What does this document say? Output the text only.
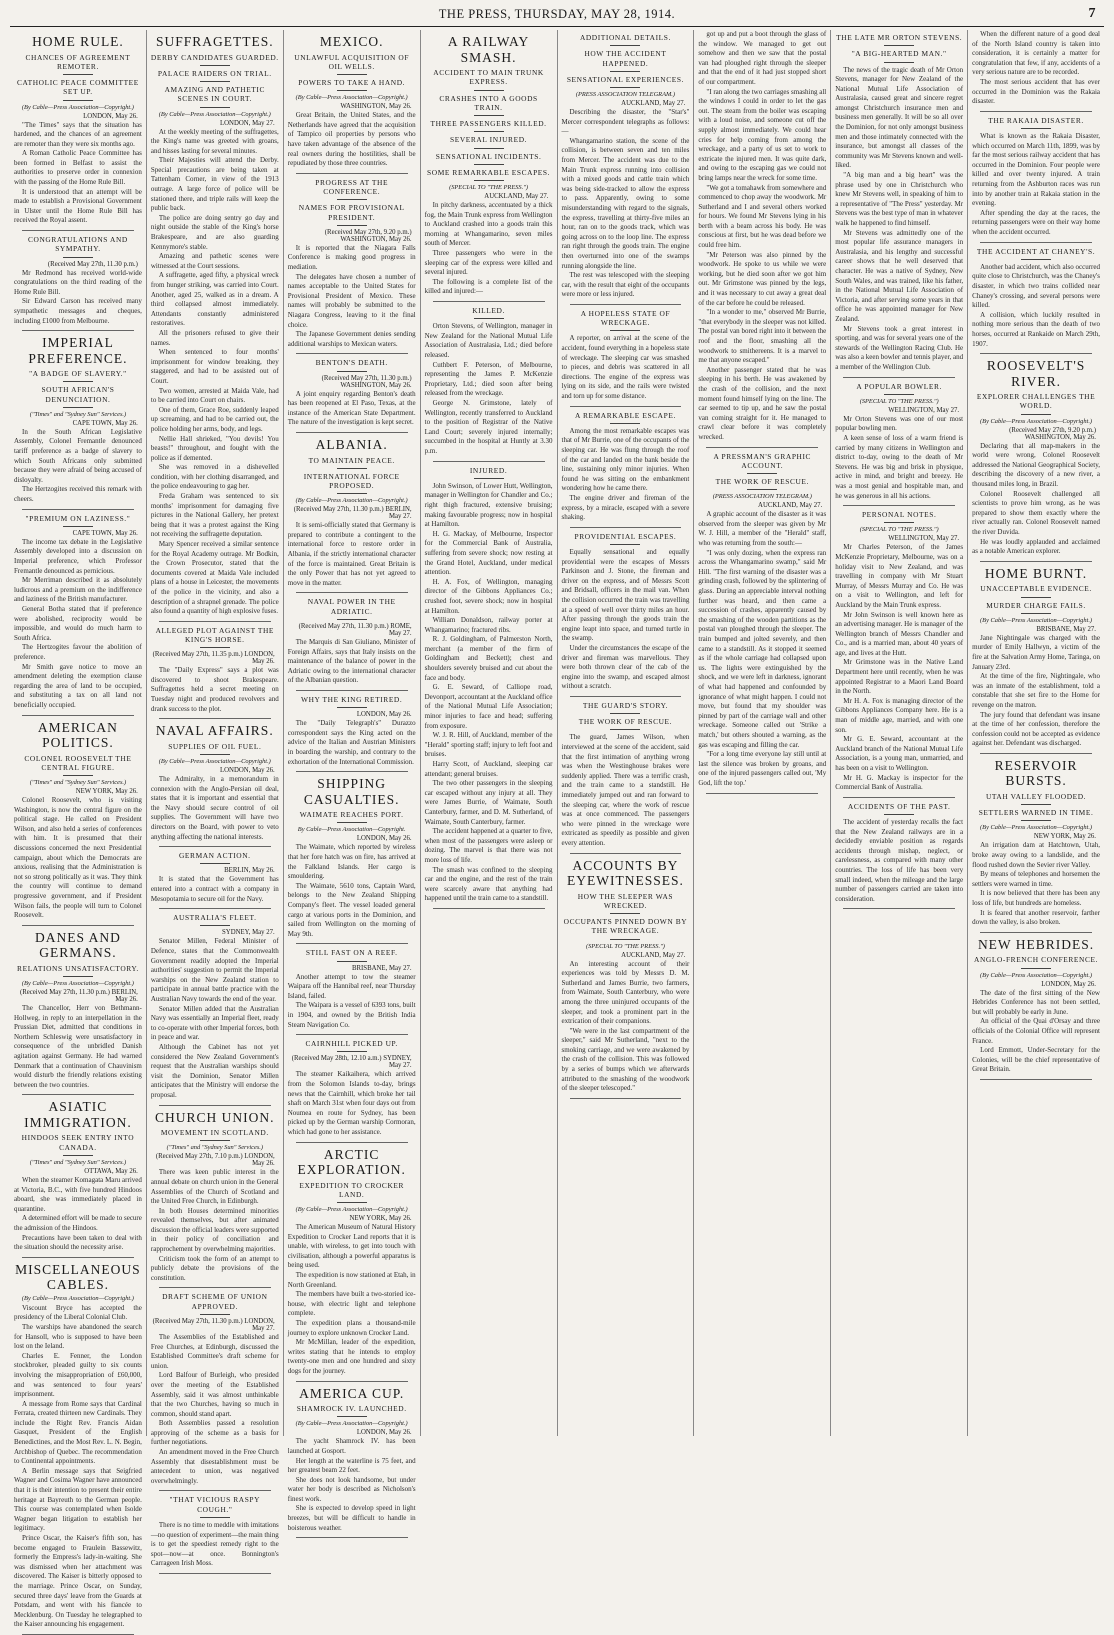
THE PRESS, THURSDAY, MAY 28, 1914.	7
HOME RULE.
CHANCES OF AGREEMENT REMOTER.
CATHOLIC PEACE COMMITTEE SET UP.
(By Cable—Press Association—Copyright.)
LONDON, May 26.
"The Times" says that the situation has hardened, and the chances of an agreement are remoter than they were six months ago.
A Roman Catholic Peace Committee has been formed in Belfast to assist the authorities to preserve order in connexion with the passing of the Home Rule Bill.
It is understood that an attempt will be made to establish a Provisional Government in Ulster until the Home Rule Bill has received the Royal assent.
CONGRATULATIONS AND SYMPATHY.
(Received May 27th, 11.30 p.m.)
Mr Redmond has received world-wide congratulations on the third reading of the Home Rule Bill.
Sir Edward Carson has received many sympathetic messages and cheques, including £1000 from Melbourne.
IMPERIAL PREFERENCE.
"A BADGE OF SLAVERY."
SOUTH AFRICAN'S DENUNCIATION.
("Times" and "Sydney Sun" Services.)
CAPE TOWN, May 26.
In the South African Legislative Assembly, Colonel Fremantle denounced tariff preference as a badge of slavery to which South Africans only submitted because they were afraid of being accused of disloyalty.
The Hertzogites received this remark with cheers.
"PREMIUM ON LAZINESS."
CAPE TOWN, May 26.
The income tax debate in the Legislative Assembly developed into a discussion on Imperial preference, which Professor Fremantle denounced as pernicious.
Mr Merriman described it as absolutely ludicrous and a premium on the indifference and laziness of the British manufacturer.
General Botha stated that if preference were abolished, reciprocity would be impossible, and would do much harm to South Africa.
The Hertzogites favour the abolition of preference.
Mr Smith gave notice to move an amendment deleting the exemption clause regarding the area of land to be occupied, and substituting a tax on all land not beneficially occupied.
AMERICAN POLITICS.
COLONEL ROOSEVELT THE CENTRAL FIGURE.
("Times" and "Sydney Sun" Services.)
NEW YORK, May 26.
Colonel Roosevelt, who is visiting Washington, is now the central figure on the political stage. He called on President Wilson, and also held a series of conferences with him. It is presumed that their discussions concerned the next Presidential campaign, about which the Democrats are anxious, realising that the Administration is not so strong politically as it was. They think the country will continue to demand progressive government, and if President Wilson fails, the people will turn to Colonel Roosevelt.
DANES AND GERMANS.
RELATIONS UNSATISFACTORY.
(By Cable—Press Association—Copyright.)
(Received May 27th, 11.30 p.m.) BERLIN, May 26.
The Chancellor, Herr von Bethmann-Hollweg, in reply to an interpellation in the Prussian Diet, admitted that conditions in Northern Schleswig were unsatisfactory in consequence of the unbridled Danish agitation against Germany. He had warned Denmark that a continuation of Chauvinism would disturb the friendly relations existing between the two countries.
ASIATIC IMMIGRATION.
HINDOOS SEEK ENTRY INTO CANADA.
("Times" and "Sydney Sun" Services.)
OTTAWA, May 26.
When the steamer Komagata Maru arrived at Victoria, B.C., with five hundred Hindoos aboard, she was immediately placed in quarantine.
A determined effort will be made to secure the admission of the Hindoos.
Precautions have been taken to deal with the situation should the necessity arise.
MISCELLANEOUS CABLES.
(By Cable—Press Association—Copyright.)
Viscount Bryce has accepted the presidency of the Liberal Colonial Club.
The warships have abandoned the search for Hansoll, who is supposed to have been lost on the Ieland.
Charles E. Fenner, the London stockbroker, pleaded guilty to six counts involving the misappropriation of £60,000, and was sentenced to four years' imprisonment.
A message from Rome says that Cardinal Ferrata, created thirteen new Cardinals. They include the Right Rev. Francis Aidan Gasquet, President of the English Benedictines, and the Most Rev. L. N. Begin, Archbishop of Quebec. The recommendation to Continental appointments.
A Berlin message says that Seigfried Wagner and Cosima Wagner have announced that it is their intention to present their entire heritage at Bayreuth to the German people. This course was contemplated when Isolde Wagner began litigation to establish her legitimacy.
Prince Oscar, the Kaiser's fifth son, has become engaged to Fraulein Bassewitz, formerly the Empress's lady-in-waiting. She was dismissed when her attachment was discovered. The Kaiser is bitterly opposed to the marriage. Prince Oscar, on Sunday, secured three days' leave from the Guards at Potsdam, and went with his fiancée to Mecklenburg. On Tuesday he telegraphed to the Kaiser announcing his engagement.
SUFFRAGETTES.
DERBY CANDIDATES GUARDED.
PALACE RAIDERS ON TRIAL.
AMAZING AND PATHETIC SCENES IN COURT.
(By Cable—Press Association—Copyright.)
LONDON, May 27.
At the weekly meeting of the suffragettes, the King's name was greeted with groans, and hisses lasting for several minutes.
Their Majesties will attend the Derby. Special precautions are being taken at Tattenham Corner, in view of the 1913 outrage. A large force of police will be stationed there, and triple rails will keep the public back.
The police are doing sentry go day and night outside the stable of the King's horse Brakespeare, and are also guarding Kennymore's stable.
Amazing and pathetic scenes were witnessed at the Court sessions.
A suffragette, aged fifty, a physical wreck from hunger striking, was carried into Court. Another, aged 25, walked as in a dream. A third collapsed almost immediately. Attendants constantly administered restoratives.
All the prisoners refused to give their names.
When sentenced to four months' imprisonment for window breaking, they staggered, and had to be assisted out of Court.
Two women, arrested at Maida Vale, had to be carried into Court on chairs.
One of them, Grace Roe, suddenly leaped up screaming, and had to be carried out, the police holding her arms, body, and legs.
Nellie Hall shrieked, "You devils! You beasts!" throughout, and fought with the police as if demented.
She was removed in a dishevelled condition, with her clothing disarranged, and the police endeavouring to gag her.
Freda Graham was sentenced to six months' imprisonment for damaging five pictures in the National Gallery, her pretext being that it was a protest against the King not receiving the suffragette deputation.
Mary Spencer received a similar sentence for the Royal Academy outrage. Mr Bodkin, the Crown Prosecutor, stated that the documents covered at Maida Vale included plans of a house in Leicester, the movements of the police in the vicinity, and also a description of a shrapnel grenade. The police also found a quantity of high explosive fuses.
ALLEGED PLOT AGAINST THE KING'S HORSE.
(Received May 27th, 11.35 p.m.) LONDON, May 26.
The "Daily Express" says a plot was discovered to shoot Brakespeare. Suffragettes held a secret meeting on Tuesday night and produced revolvers and drank success to the plot.
NAVAL AFFAIRS.
SUPPLIES OF OIL FUEL.
(By Cable—Press Association—Copyright.)
LONDON, May 26.
The Admiralty, in a memorandum in connexion with the Anglo-Persian oil deal, states that it is important and essential that the Navy should secure control of oil supplies. The Government will have two directors on the Board, with power to veto anything affecting the national interests.
GERMAN ACTION.
BERLIN, May 26.
It is stated that the Government has entered into a contract with a company in Mesopotamia to secure oil for the Navy.
AUSTRALIA'S FLEET.
SYDNEY, May 27.
Senator Millen, Federal Minister of Defence, states that the Commonwealth Government readily adopted the Imperial authorities' suggestion to permit the Imperial warships on the New Zealand station to participate in annual battle practice with the Australian Navy towards the end of the year.
Senator Millen added that the Australian Navy was essentially an Imperial fleet, ready to co-operate with other Imperial forces, both in peace and war.
Although the Cabinet has not yet considered the New Zealand Government's request that the Australian warships should visit the Dominion, Senator Millen anticipates that the Ministry will endorse the proposal.
CHURCH UNION.
MOVEMENT IN SCOTLAND.
("Times" and "Sydney Sun" Services.)
(Received May 27th, 7.10 p.m.) LONDON, May 26.
There was keen public interest in the annual debate on church union in the General Assemblies of the Church of Scotland and the United Free Church, in Edinburgh.
In both Houses determined minorities revealed themselves, but after animated discussion the official leaders were supported in their policy of conciliation and rapprochement by overwhelming majorities.
Criticism took the form of an attempt to publicly debate the provisions of the constitution.
DRAFT SCHEME OF UNION APPROVED.
(Received May 27th, 11.30 p.m.) LONDON, May 27.
The Assemblies of the Established and Free Churches, at Edinburgh, discussed the Established Committee's draft scheme for union.
Lord Balfour of Burleigh, who presided over the meeting of the Established Assembly, said it was almost unthinkable that the two Churches, having so much in common, should stand apart.
Both Assemblies passed a resolution approving of the scheme as a basis for further negotiations.
An amendment moved in the Free Church Assembly that disestablishment must be antecedent to union, was negatived overwhelmingly.
"THAT VICIOUS RASPY COUGH."
There is no time to meddle with imitations—no question of experiment—the main thing is to get the speediest remedy right to the spot—now—at once. Bonnington's Carrageen Irish Moss.
MEXICO.
UNLAWFUL ACQUISITION OF OIL WELLS.
POWERS TO TAKE A HAND.
(By Cable—Press Association—Copyright.)
WASHINGTON, May 26.
Great Britain, the United States, and the Netherlands have agreed that the acquisition of Tampico oil properties by persons who have taken advantage of the absence of the real owners during the hostilities, shall be repudiated by those three countries.
PROGRESS AT THE CONFERENCE.
NAMES FOR PROVISIONAL PRESIDENT.
(Received May 27th, 9.20 p.m.) WASHINGTON, May 26.
It is reported that the Niagara Falls Conference is making good progress in mediation.
The delegates have chosen a number of names acceptable to the United States for Provisional President of Mexico. These names will probably be submitted to the Niagara Congress, leaving to it the final choice.
The Japanese Government denies sending additional warships to Mexican waters.
BENTON'S DEATH.
(Received May 27th, 11.30 p.m.) WASHINGTON, May 26.
A joint enquiry regarding Benton's death has been reopened at El Paso, Texas, at the instance of the American State Department. The nature of the investigation is kept secret.
ALBANIA.
TO MAINTAIN PEACE.
INTERNATIONAL FORCE PROPOSED.
(By Cable—Press Association—Copyright.)
(Received May 27th, 11.30 p.m.) BERLIN, May 27.
It is semi-officially stated that Germany is prepared to contribute a contingent to the international force to restore order in Albania, if the strictly international character of the force is maintained. Great Britain is the only Power that has not yet agreed to move in the matter.
NAVAL POWER IN THE ADRIATIC.
(Received May 27th, 11.30 p.m.) ROME, May 27.
The Marquis di San Giuliano, Minister of Foreign Affairs, says that Italy insists on the maintenance of the balance of power in the Adriatic owing to the international character of the Albanian question.
WHY THE KING RETIRED.
LONDON, May 26.
The "Daily Telegraph's" Durazzo correspondent says the King acted on the advice of the Italian and Austrian Ministers in boarding the warship, and contrary to the exhortation of the International Commission.
SHIPPING CASUALTIES.
WAIMATE REACHES PORT.
By Cable—Press Association—Copyright.
LONDON, May 26.
The Waimate, which reported by wireless that her fore hatch was on fire, has arrived at the Falkland Islands. Her cargo is smouldering.
The Waimate, 5610 tons, Captain Ward, belongs to the New Zealand Shipping Company's fleet. The vessel loaded general cargo at various ports in the Dominion, and sailed from Wellington on the morning of May 9th.
STILL FAST ON A REEF.
BRISBANE, May 27.
Another attempt to tow the steamer Waipara off the Hannibal reef, near Thursday Island, failed.
The Waipara is a vessel of 6393 tons, built in 1904, and owned by the British India Steam Navigation Co.
CAIRNHILL PICKED UP.
(Received May 28th, 12.10 a.m.) SYDNEY, May 27.
The steamer Kaikaihera, which arrived from the Solomon Islands to-day, brings news that the Cairnhill, which broke her tail shaft on March 31st when four days out from Noumea en route for Sydney, has been picked up by the German warship Cormoran, which had gone to her assistance.
ARCTIC EXPLORATION.
EXPEDITION TO CROCKER LAND.
(By Cable—Press Association—Copyright.)
NEW YORK, May 26.
The American Museum of Natural History Expedition to Crocker Land reports that it is unable, with wireless, to get into touch with civilisation, although a powerful apparatus is being used.
The expedition is now stationed at Etah, in North Greenland.
The members have built a two-storied ice-house, with electric light and telephone complete.
The expedition plans a thousand-mile journey to explore unknown Crocker Land.
Mr McMillan, leader of the expedition, writes stating that he intends to employ twenty-one men and one hundred and sixty dogs for the journey.
AMERICA CUP.
SHAMROCK IV. LAUNCHED.
(By Cable—Press Association—Copyright.)
LONDON, May 26.
The yacht Shamrock IV. has been launched at Gosport.
Her length at the waterline is 75 feet, and her greatest beam 22 feet.
She does not look handsome, but under water her body is described as Nicholson's finest work.
She is expected to develop speed in light breezes, but will be difficult to handle in boisterous weather.
A RAILWAY SMASH.
ACCIDENT TO MAIN TRUNK EXPRESS.
CRASHES INTO A GOODS TRAIN.
THREE PASSENGERS KILLED.
SEVERAL INJURED.
SENSATIONAL INCIDENTS.
SOME REMARKABLE ESCAPES.
(SPECIAL TO "THE PRESS.")
AUCKLAND, May 27.
In pitchy darkness, accentuated by a thick fog, the Main Trunk express from Wellington to Auckland crashed into a goods train this morning at Whangamarino, seven miles south of Mercer.
Three passengers who were in the sleeping car of the express were killed and several injured.
The following is a complete list of the killed and injured:—
KILLED.
Orton Stevens, of Wellington, manager in New Zealand for the National Mutual Life Association of Australasia, Ltd.; died before released.
Cuthbert F. Peterson, of Melbourne, representing the James P. McKenzie Proprietary, Ltd.; died soon after being released from the wreckage.
George N. Grimstone, lately of Wellington, recently transferred to Auckland to the position of Registrar of the Native Land Court; severely injured internally; succumbed in the hospital at Huntly at 3.30 p.m.
INJURED.
John Swinson, of Lower Hutt, Wellington, manager in Wellington for Chandler and Co.; right thigh fractured, extensive bruising; making favourable progress; now in hospital at Hamilton.
H. G. Mackay, of Melbourne, Inspector for the Commercial Bank of Australia, suffering from severe shock; now resting at the Grand Hotel, Auckland, under medical attention.
H. A. Fox, of Wellington, managing director of the Gibbons Appliances Co.; crushed foot, severe shock; now in hospital at Hamilton.
William Donaldson, railway porter at Whangamarino; fractured ribs.
R. J. Goldingham, of Palmerston North, merchant (a member of the firm of Goldingham and Beckett); chest and shoulders severely bruised and cut about the face and body.
G. E. Seward, of Calliope road, Devonport, accountant at the Auckland office of the National Mutual Life Association; minor injuries to face and head; suffering from exposure.
W. J. R. Hill, of Auckland, member of the "Herald" sporting staff; injury to left foot and bruises.
Harry Scott, of Auckland, sleeping car attendant; general bruises.
The two other passengers in the sleeping car escaped without any injury at all. They were James Burrie, of Waimate, South Canterbury, farmer, and D. M. Sutherland, of Waimate, South Canterbury, farmer.
The accident happened at a quarter to five, when most of the passengers were asleep or dozing. The marvel is that there was not more loss of life.
The smash was confined to the sleeping car and the engine, and the rest of the train were scarcely aware that anything had happened until the train came to a standstill.
ADDITIONAL DETAILS.
HOW THE ACCIDENT HAPPENED.
SENSATIONAL EXPERIENCES.
(PRESS ASSOCIATION TELEGRAM.)
AUCKLAND, May 27.
Describing the disaster, the "Star's" Mercer correspondent telegraphs as follows:—
Whangamarino station, the scene of the collision, is between seven and ten miles from Mercer. The accident was due to the Main Trunk express running into collision with a mixed goods and cattle train which was being side-tracked to allow the express to pass. Apparently, owing to some misunderstanding with regard to the signals, the express, travelling at thirty-five miles an hour, ran on to the goods track, which was going across on to the loop line. The express ran right through the goods train. The engine then overturned into one of the swamps running alongside the line.
The rest was telescoped with the sleeping car, with the result that eight of the occupants were more or less injured.
A HOPELESS STATE OF WRECKAGE.
A reporter, on arrival at the scene of the accident, found everything in a hopeless state of wreckage. The sleeping car was smashed to pieces, and debris was scattered in all directions. The engine of the express was lying on its side, and the rails were twisted and torn up for some distance.
A REMARKABLE ESCAPE.
Among the most remarkable escapes was that of Mr Burrie, one of the occupants of the sleeping car. He was flung through the roof of the car and landed on the bank beside the line, sustaining only minor injuries. When found he was sitting on the embankment wondering how he came there.
The engine driver and fireman of the express, by a miracle, escaped with a severe shaking.
PROVIDENTIAL ESCAPES.
Equally sensational and equally providential were the escapes of Messrs Parkinson and J. Stone, the fireman and driver on the express, and of Messrs Scott and Bridsall, officers in the mail van. When the collision occurred the train was travelling at a speed of well over thirty miles an hour. After passing through the goods train the engine leapt into space, and turned turtle in the swamp.
Under the circumstances the escape of the driver and fireman was marvellous. They were both thrown clear of the cab of the engine into the swamp, and escaped almost without a scratch.
THE GUARD'S STORY.
THE WORK OF RESCUE.
The guard, James Wilson, when interviewed at the scene of the accident, said that the first intimation of anything wrong was when the Westinghouse brakes were suddenly applied. There was a terrific crash, and the train came to a standstill. He immediately jumped out and ran forward to the sleeping car, where the work of rescue was at once commenced. The passengers who were pinned in the wreckage were extricated as speedily as possible and given every attention.
ACCOUNTS BY EYEWITNESSES.
HOW THE SLEEPER WAS WRECKED.
OCCUPANTS PINNED DOWN BY THE WRECKAGE.
(SPECIAL TO "THE PRESS.")
AUCKLAND, May 27.
An interesting account of their experiences was told by Messrs D. M. Sutherland and James Burrie, two farmers, from Waimate, South Canterbury, who were among the three uninjured occupants of the sleeper, and took a prominent part in the extrication of their companions.
"We were in the last compartment of the sleeper," said Mr Sutherland, "next to the smoking carriage, and we were awakened by the crash of the collision. This was followed by a series of bumps which we afterwards attributed to the smashing of the woodwork of the sleeper telescoped."
got up and put a boot through the glass of the window. We managed to get out somehow and then we saw that the postal van had ploughed right through the sleeper and that the end of it had just stopped short of our compartment.
"I ran along the two carriages smashing all the windows I could in order to let the gas out. The steam from the boiler was escaping with a loud noise, and someone cut off the supply almost immediately. We could hear cries for help coming from among the wreckage, and a party of us set to work to extricate the injured men. It was quite dark, and owing to the escaping gas we could not bring lamps near the wreck for some time.
"We got a tomahawk from somewhere and commenced to chop away the woodwork. Mr Sutherland and I and several others worked for hours. We found Mr Stevens lying in his berth with a beam across his body. He was conscious at first, but he was dead before we could free him.
"Mr Peterson was also pinned by the woodwork. He spoke to us while we were working, but he died soon after we got him out. Mr Grimstone was pinned by the legs, and it was necessary to cut away a great deal of the car before he could be released.
"In a wonder to me," observed Mr Burrie, "that everybody in the sleeper was not killed. The postal van bored right into it between the roof and the floor, smashing all the woodwork to smithereens. It is a marvel to me that anyone escaped."
Another passenger stated that he was sleeping in his berth. He was awakened by the crash of the collision, and the next moment found himself lying on the line. The car seemed to tip up, and he saw the postal van coming straight for it. He managed to crawl clear before it was completely wrecked.
A PRESSMAN'S GRAPHIC ACCOUNT.
THE WORK OF RESCUE.
(PRESS ASSOCIATION TELEGRAM.)
AUCKLAND, May 27.
A graphic account of the disaster as it was observed from the sleeper was given by Mr W. J. Hill, a member of the "Herald" staff, who was returning from the south:—
"I was only dozing, when the express ran across the Whangamarino swamp," said Mr Hill. "The first warning of the disaster was a grinding crash, followed by the splintering of glass. During an appreciable interval nothing further was heard, and then came a succession of crashes, apparently caused by the smashing of the wooden partitions as the postal van ploughed through the sleeper. The train bumped and jolted severely, and then came to a standstill. As it stopped it seemed as if the whole carriage had collapsed upon us. The lights were extinguished by the shock, and we were left in darkness, ignorant of what had happened and confounded by ignorance of what might happen. I could not move, but found that my shoulder was pinned by part of the carriage wall and other wreckage. Someone called out 'Strike a match,' but others shouted a warning, as the gas was escaping and filling the car.
"For a long time everyone lay still until at last the silence was broken by groans, and one of the injured passengers called out, 'My God, lift the top.'
THE LATE MR ORTON STEVENS.
"A BIG-HEARTED MAN."
The news of the tragic death of Mr Orton Stevens, manager for New Zealand of the National Mutual Life Association of Australasia, caused great and sincere regret amongst Christchurch insurance men and business men generally. It will be so all over the Dominion, for not only amongst business men and those intimately connected with the insurance, but amongst all classes of the community was Mr Stevens known and well-liked.
"A big man and a big heart" was the phrase used by one in Christchurch who knew Mr Stevens well, in speaking of him to a representative of "The Press" yesterday. Mr Stevens was the best type of man in whatever walk he happened to find himself.
Mr Stevens was admittedly one of the most popular life assurance managers in Australasia, and his lengthy and successful career shows that he well deserved that character. He was a native of Sydney, New South Wales, and was trained, like his father, in the National Mutual Life Association of Victoria, and after serving some years in that office he was appointed manager for New Zealand.
Mr Stevens took a great interest in sporting, and was for several years one of the stewards of the Wellington Racing Club. He was also a keen bowler and tennis player, and a member of the Wellington Club.
A POPULAR BOWLER.
(SPECIAL TO "THE PRESS.")
WELLINGTON, May 27.
Mr Orton Stevens was one of our most popular bowling men.
A keen sense of loss of a warm friend is carried by many citizens in Wellington and district to-day, owing to the death of Mr Stevens. He was big and brisk in physique, active in mind, and bright and breezy. He was a most genial and hospitable man, and he was generous in all his actions.
PERSONAL NOTES.
(SPECIAL TO "THE PRESS.")
WELLINGTON, May 27.
Mr Charles Peterson, of the James McKenzie Proprietary, Melbourne, was on a holiday visit to New Zealand, and was travelling in company with Mr Stuart Murray, of Messrs Murray and Co. He was on a visit to Wellington, and left for Auckland by the Main Trunk express.
Mr John Swinson is well known here as an advertising manager. He is manager of the Wellington branch of Messrs Chandler and Co., and is a married man, about 40 years of age, and lives at the Hutt.
Mr Grimstone was in the Native Land Department here until recently, when he was appointed Registrar to a Maori Land Board in the North.
Mr H. A. Fox is managing director of the Gibbons Appliances Company here. He is a man of middle age, married, and with one son.
Mr G. E. Seward, accountant at the Auckland branch of the National Mutual Life Association, is a young man, unmarried, and has been on a visit to Wellington.
Mr H. G. Mackay is inspector for the Commercial Bank of Australia.
ACCIDENTS OF THE PAST.
The accident of yesterday recalls the fact that the New Zealand railways are in a decidedly enviable position as regards accidents through mishap, neglect, or carelessness, as compared with many other countries. The loss of life has been very small indeed, when the mileage and the large number of passengers carried are taken into consideration.
When the different nature of a good deal of the North Island country is taken into consideration, it is certainly a matter for congratulation that few, if any, accidents of a very serious nature are to be recorded.
The most serious accident that has ever occurred in the Dominion was the Rakaia disaster.
THE RAKAIA DISASTER.
What is known as the Rakaia Disaster, which occurred on March 11th, 1899, was by far the most serious railway accident that has occurred in the Dominion. Four people were killed and over twenty injured. A train returning from the Ashburton races was run into by another train at Rakaia station in the evening.
After spending the day at the races, the returning passengers were on their way home when the accident occurred.
THE ACCIDENT AT CHANEY'S.
Another bad accident, which also occurred quite close to Christchurch, was the Chaney's disaster, in which two trains collided near Chaney's crossing, and several persons were killed.
A collision, which luckily resulted in nothing more serious than the death of two horses, occurred at Rankaide on March 29th, 1907.
ROOSEVELT'S RIVER.
EXPLORER CHALLENGES THE WORLD.
(By Cable—Press Association—Copyright.)
(Received May 27th, 9.20 p.m.) WASHINGTON, May 26.
Declaring that all map-makers in the world were wrong, Colonel Roosevelt addressed the National Geographical Society, describing the discovery of a new river, a thousand miles long, in Brazil.
Colonel Roosevelt challenged all scientists to prove him wrong, as he was prepared to show them exactly where the river actually ran. Colonel Roosevelt named the river Duvida.
He was loudly applauded and acclaimed as a notable American explorer.
HOME BURNT.
UNACCEPTABLE EVIDENCE.
MURDER CHARGE FAILS.
(By Cable—Press Association—Copyright.)
BRISBANE, May 27.
Jane Nightingale was charged with the murder of Emily Hallwyn, a victim of the fire at the Salvation Army Home, Taringa, on January 23rd.
At the time of the fire, Nightingale, who was an inmate of the establishment, told a constable that she set fire to the Home for revenge on the matron.
The jury found that defendant was insane at the time of her confession, therefore the confession could not be accepted as evidence against her. Defendant was discharged.
RESERVOIR BURSTS.
UTAH VALLEY FLOODED.
SETTLERS WARNED IN TIME.
(By Cable—Press Association—Copyright.)
NEW YORK, May 26.
An irrigation dam at Hatchtown, Utah, broke away owing to a landslide, and the flood rushed down the Sevier river Valley.
By means of telephones and horsemen the settlers were warned in time.
It is now believed that there has been any loss of life, but hundreds are homeless.
It is feared that another reservoir, farther down the valley, is also broken.
NEW HEBRIDES.
ANGLO-FRENCH CONFERENCE.
(By Cable—Press Association—Copyright.)
LONDON, May 26.
The date of the first sitting of the New Hebrides Conference has not been settled, but will probably be early in June.
An official of the Quai d'Orsay and three officials of the Colonial Office will represent France.
Lord Emmott, Under-Secretary for the Colonies, will be the chief representative of Great Britain.
